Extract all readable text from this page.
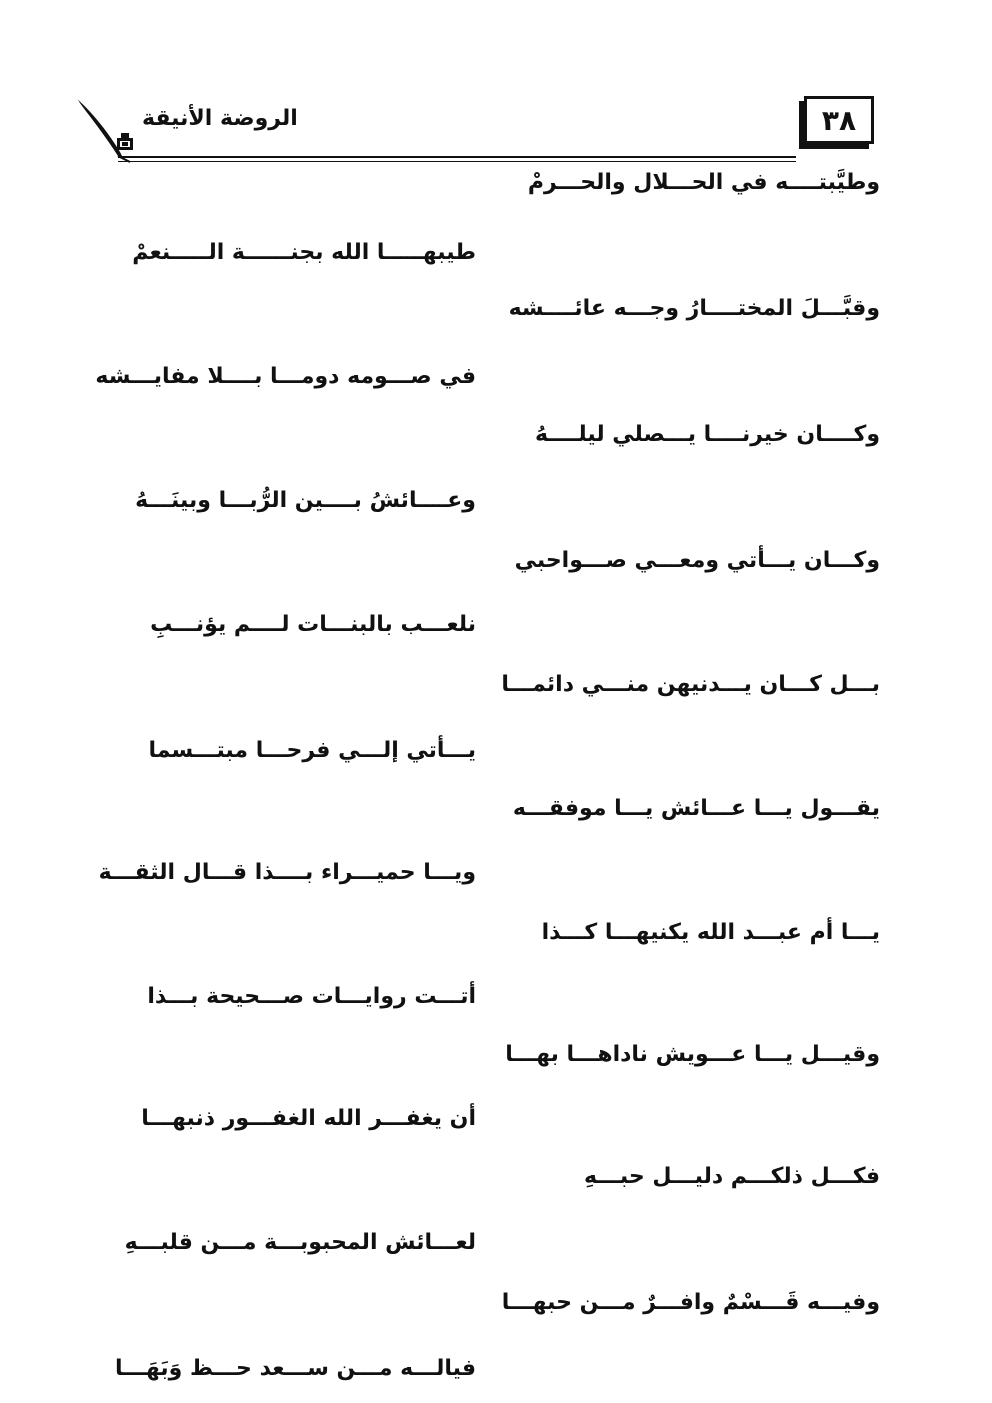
٣٨
الروضة الأنيقة
وطيَّبتــــه في الحـــلال والحـــرمْ
طيبهـــــا الله بجنــــــة الـــــنعمْ
وقبَّـــلَ المختــــارُ وجـــه عائــــشه
في صـــومه دومـــا بــــلا مفايـــشه
وكــــان خيرنــــا يـــصلي ليلــــهُ
وعــــائشُ بــــين الرُّبـــا وبينَـــهُ
وكـــان يـــأتي ومعـــي صـــواحبي
نلعـــب بالبنـــات لــــم يؤنـــبِ
بـــل كـــان يـــدنيهن منـــي دائمـــا
يـــأتي إلـــي فرحـــا مبتـــسما
يقـــول يـــا عـــائش يـــا موفقـــه
ويـــا حميـــراء بــــذا قـــال الثقـــة
يـــا أم عبـــد الله يكنيهـــا كـــذا
أتـــت روايـــات صـــحيحة بـــذا
وقيـــل يـــا عـــويش ناداهـــا بهـــا
أن يغفـــر الله الغفـــور ذنبهـــا
فكـــل ذلكـــم دليـــل حبـــهِ
لعـــائش المحبوبـــة مـــن قلبـــهِ
وفيـــه قَـــسْمٌ وافـــرٌ مـــن حبهـــا
فيالـــه مـــن ســـعد حـــظ وَبَهَـــا
